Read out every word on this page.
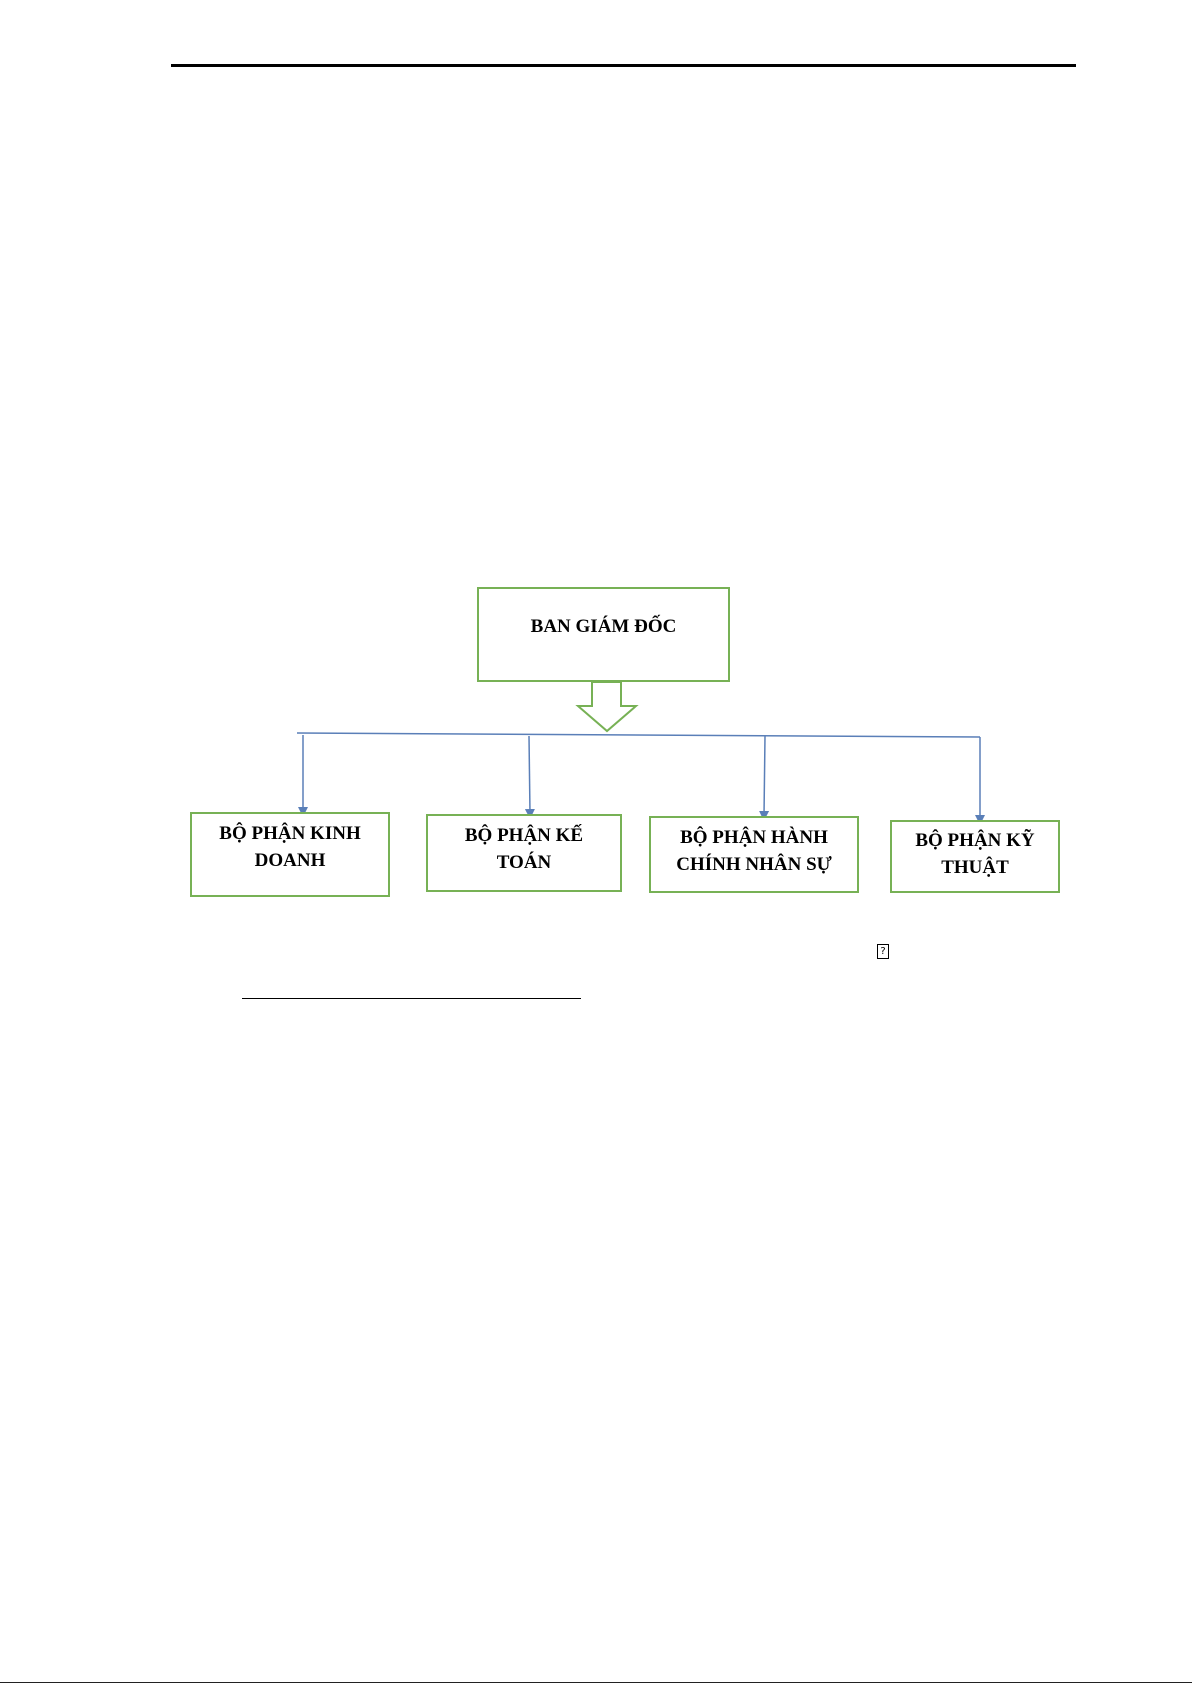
BAN GIÁM ĐỐC
BỘ PHẬN KINH DOANH
BỘ PHẬN KẾ TOÁN
BỘ PHẬN HÀNH CHÍNH NHÂN SỰ
BỘ PHẬN KỸ THUẬT
?
